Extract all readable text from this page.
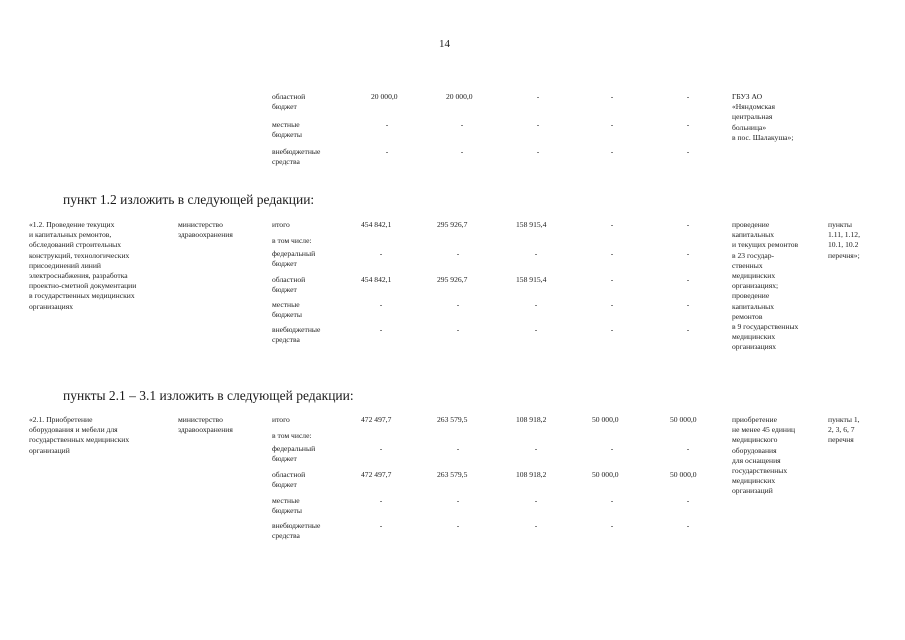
14
областной
бюджет
20 000,0	20 000,0	-	-	-
местные
бюджеты
-	-	-	-	-
внебюджетные
средства
-	-	-	-	-
ГБУЗ АО
«Няндомская
центральная
больница»
в пос. Шалакуша»;
пункт 1.2 изложить в следующей редакции:
«1.2. Проведение текущих
и капитальных ремонтов,
обследований строительных
конструкций, технологических
присоединений линий
электроснабжения, разработка
проектно-сметной документации
в государственных медицинских
организациях
министерство
здравоохранения
итого	454 842,1	295 926,7	158 915,4	-	-
в том числе:
федеральный
бюджет
-	-	-	-	-
областной
бюджет
454 842,1	295 926,7	158 915,4	-	-
местные
бюджеты
-	-	-	-	-
внебюджетные
средства
-	-	-	-	-
проведение
капитальных
и текущих ремонтов
в 23 государ-
ственных
медицинских
организациях;
проведение
капитальных
ремонтов
в 9 государственных
медицинских
организациях
пункты
1.11, 1.12,
10.1, 10.2
перечня»;
пункты 2.1 – 3.1 изложить в следующей редакции:
«2.1. Приобретение
оборудования и мебели для
государственных медицинских
организаций
министерство
здравоохранения
итого	472 497,7	263 579,5	108 918,2	50 000,0	50 000,0
в том числе:
федеральный
бюджет
-	-	-	-	-
областной
бюджет
472 497,7	263 579,5	108 918,2	50 000,0	50 000,0
местные
бюджеты
-	-	-	-	-
внебюджетные
средства
-	-	-	-	-
приобретение
не менее 45 единиц
медицинского
оборудования
для оснащения
государственных
медицинских
организаций
пункты 1,
2, 3, 6, 7
перечня
